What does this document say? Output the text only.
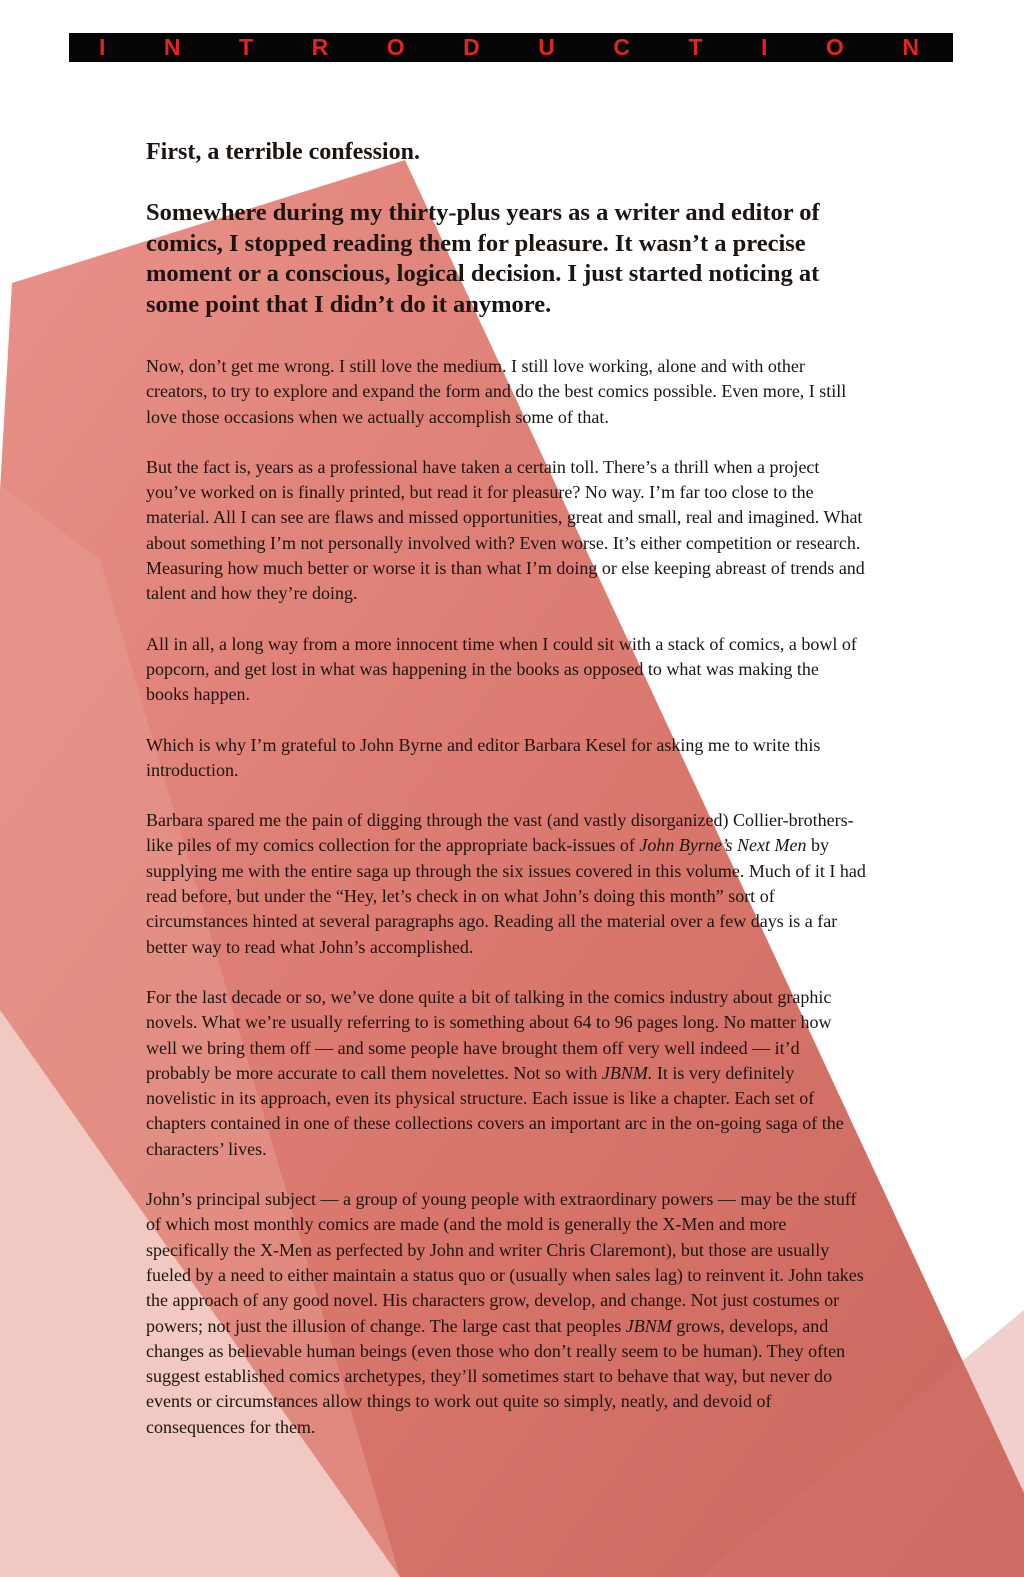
I	N	T	R	O	D	U	C	T	I	O	N

First, a terrible confession.

Somewhere during my thirty-plus years as a writer and editor of comics, I stopped reading them for pleasure. It wasn’t a precise moment or a conscious, logical decision. I just started noticing at some point that I didn’t do it anymore.

Now, don’t get me wrong. I still love the medium. I still love working, alone and with other creators, to try to explore and expand the form and do the best comics possible. Even more, I still love those occasions when we actually accomplish some of that.

But the fact is, years as a professional have taken a certain toll. There’s a thrill when a project you’ve worked on is finally printed, but read it for pleasure? No way. I’m far too close to the material. All I can see are flaws and missed opportunities, great and small, real and imagined. What about something I’m not personally involved with? Even worse. It’s either competition or research. Measuring how much better or worse it is than what I’m doing or else keeping abreast of trends and talent and how they’re doing.

All in all, a long way from a more innocent time when I could sit with a stack of comics, a bowl of popcorn, and get lost in what was happening in the books as opposed to what was making the books happen.

Which is why I’m grateful to John Byrne and editor Barbara Kesel for asking me to write this introduction.

Barbara spared me the pain of digging through the vast (and vastly disorganized) Collier-brothers-like piles of my comics collection for the appropriate back-issues of John Byrne’s Next Men by supplying me with the entire saga up through the six issues covered in this volume. Much of it I had read before, but under the “Hey, let’s check in on what John’s doing this month” sort of circumstances hinted at several paragraphs ago. Reading all the material over a few days is a far better way to read what John’s accomplished.

For the last decade or so, we’ve done quite a bit of talking in the comics industry about graphic novels. What we’re usually referring to is something about 64 to 96 pages long. No matter how well we bring them off — and some people have brought them off very well indeed — it’d probably be more accurate to call them novelettes. Not so with JBNM. It is very definitely novelistic in its approach, even its physical structure. Each issue is like a chapter. Each set of chapters contained in one of these collections covers an important arc in the on-going saga of the characters’ lives.

John’s principal subject — a group of young people with extraordinary powers — may be the stuff of which most monthly comics are made (and the mold is generally the X-Men and more specifically the X-Men as perfected by John and writer Chris Claremont), but those are usually fueled by a need to either maintain a status quo or (usually when sales lag) to reinvent it. John takes the approach of any good novel. His characters grow, develop, and change. Not just costumes or powers; not just the illusion of change. The large cast that peoples JBNM grows, develops, and changes as believable human beings (even those who don’t really seem to be human). They often suggest established comics archetypes, they’ll sometimes start to behave that way, but never do events or circumstances allow things to work out quite so simply, neatly, and devoid of consequences for them.
